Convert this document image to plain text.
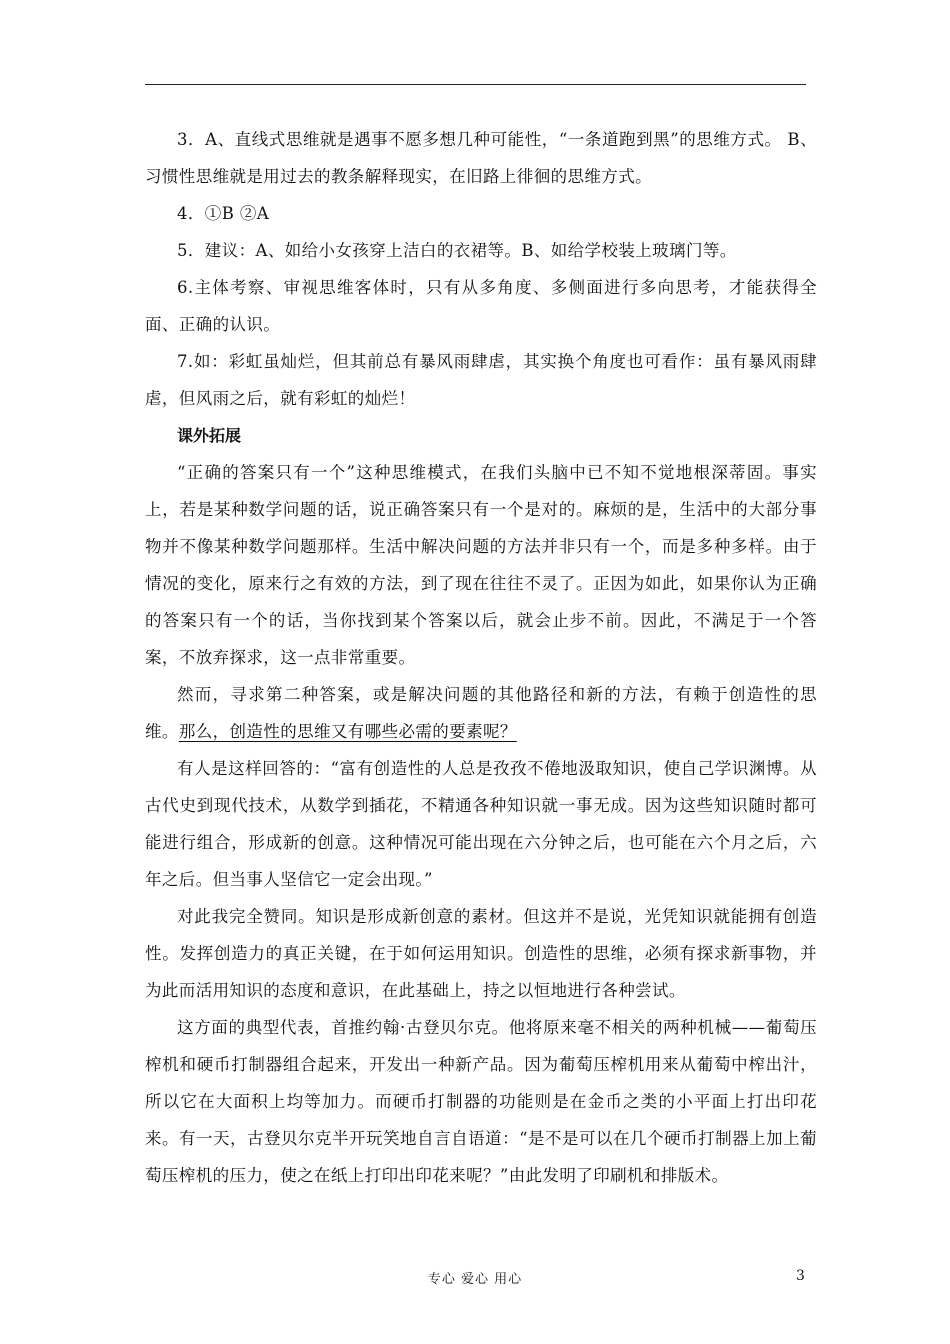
3．A、直线式思维就是遇事不愿多想几种可能性，“一条道跑到黑”的思维方式。 B、习惯性思维就是用过去的教条解释现实，在旧路上徘徊的思维方式。

4．①B ②A

5．建议：A、如给小女孩穿上洁白的衣裙等。B、如给学校装上玻璃门等。

6.主体考察、审视思维客体时，只有从多角度、多侧面进行多向思考，才能获得全面、正确的认识。

7.如：彩虹虽灿烂，但其前总有暴风雨肆虐，其实换个角度也可看作：虽有暴风雨肆虐，但风雨之后，就有彩虹的灿烂！

课外拓展

“正确的答案只有一个”这种思维模式，在我们头脑中已不知不觉地根深蒂固。事实上，若是某种数学问题的话，说正确答案只有一个是对的。麻烦的是，生活中的大部分事物并不像某种数学问题那样。生活中解决问题的方法并非只有一个，而是多种多样。由于情况的变化，原来行之有效的方法，到了现在往往不灵了。正因为如此，如果你认为正确的答案只有一个的话，当你找到某个答案以后，就会止步不前。因此，不满足于一个答案，不放弃探求，这一点非常重要。

然而，寻求第二种答案，或是解决问题的其他路径和新的方法，有赖于创造性的思维。那么，创造性的思维又有哪些必需的要素呢？

有人是这样回答的：“富有创造性的人总是孜孜不倦地汲取知识，使自己学识渊博。从古代史到现代技术，从数学到插花，不精通各种知识就一事无成。因为这些知识随时都可能进行组合，形成新的创意。这种情况可能出现在六分钟之后，也可能在六个月之后，六年之后。但当事人坚信它一定会出现。”

对此我完全赞同。知识是形成新创意的素材。但这并不是说，光凭知识就能拥有创造性。发挥创造力的真正关键，在于如何运用知识。创造性的思维，必须有探求新事物，并为此而活用知识的态度和意识，在此基础上，持之以恒地进行各种尝试。

这方面的典型代表，首推约翰·古登贝尔克。他将原来毫不相关的两种机械——葡萄压榨机和硬币打制器组合起来，开发出一种新产品。因为葡萄压榨机用来从葡萄中榨出汁，所以它在大面积上均等加力。而硬币打制器的功能则是在金币之类的小平面上打出印花来。有一天，古登贝尔克半开玩笑地自言自语道：“是不是可以在几个硬币打制器上加上葡萄压榨机的压力，使之在纸上打印出印花来呢？”由此发明了印刷机和排版术。

专心 爱心 用心	3
